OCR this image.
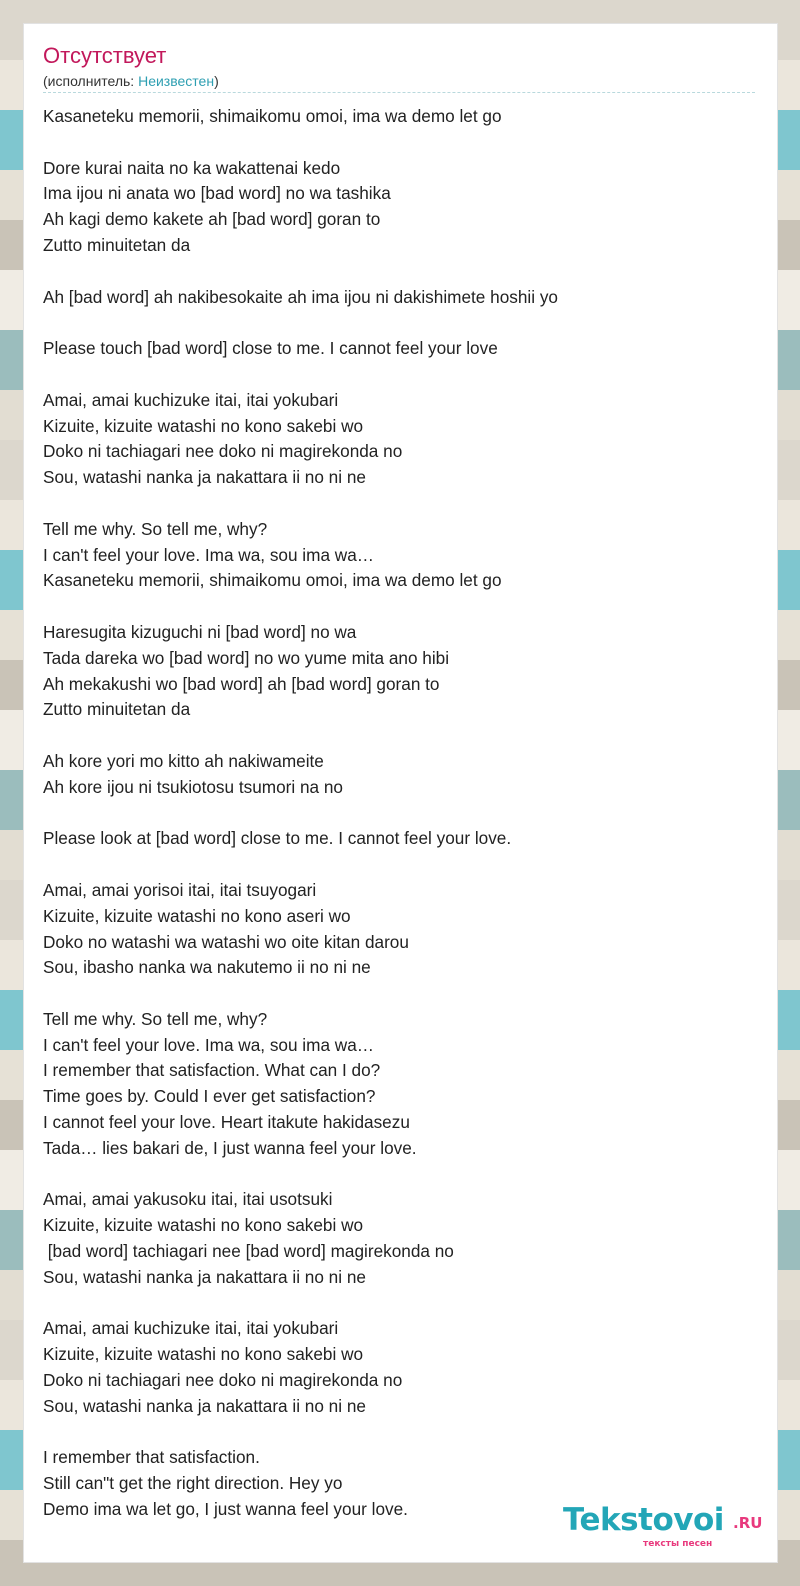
Отсутствует
(исполнитель: Неизвестен)
Kasaneteku memorii, shimaikomu omoi, ima wa demo let go

Dore kurai naita no ka wakattenai kedo
Ima ijou ni anata wo [bad word] no wa tashika
Ah kagi demo kakete ah [bad word] goran to
Zutto minuitetan da

Ah [bad word] ah nakibesokaite ah ima ijou ni dakishimete hoshii yo

Please touch [bad word] close to me. I cannot feel your love

Amai, amai kuchizuke itai, itai yokubari
Kizuite, kizuite watashi no kono sakebi wo
Doko ni tachiagari nee doko ni magirekonda no
Sou, watashi nanka ja nakattara ii no ni ne

Tell me why. So tell me, why?
I can't feel your love. Ima wa, sou ima wa…
Kasaneteku memorii, shimaikomu omoi, ima wa demo let go

Haresugita kizuguchi ni [bad word] no wa
Tada dareka wo [bad word] no wo yume mita ano hibi
Ah mekakushi wo [bad word] ah [bad word] goran to
Zutto minuitetan da

Ah kore yori mo kitto ah nakiwameite
Ah kore ijou ni tsukiotosu tsumori na no

Please look at [bad word] close to me. I cannot feel your love.

Amai, amai yorisoi itai, itai tsuyogari
Kizuite, kizuite watashi no kono aseri wo
Doko no watashi wa watashi wo oite kitan darou
Sou, ibasho nanka wa nakutemo ii no ni ne

Tell me why. So tell me, why?
I can't feel your love. Ima wa, sou ima wa…
I remember that satisfaction. What can I do?
Time goes by. Could I ever get satisfaction?
I cannot feel your love. Heart itakute hakidasezu
Tada… lies bakari de, I just wanna feel your love.

Amai, amai yakusoku itai, itai usotsuki
Kizuite, kizuite watashi no kono sakebi wo
[bad word] tachiagari nee [bad word] magirekonda no
Sou, watashi nanka ja nakattara ii no ni ne

Amai, amai kuchizuke itai, itai yokubari
Kizuite, kizuite watashi no kono sakebi wo
Doko ni tachiagari nee doko ni magirekonda no
Sou, watashi nanka ja nakattara ii no ni ne

I remember that satisfaction.
Still can"t get the right direction. Hey yo
Demo ima wa let go, I just wanna feel your love.	Tekstovoi .RU
тексты песен
